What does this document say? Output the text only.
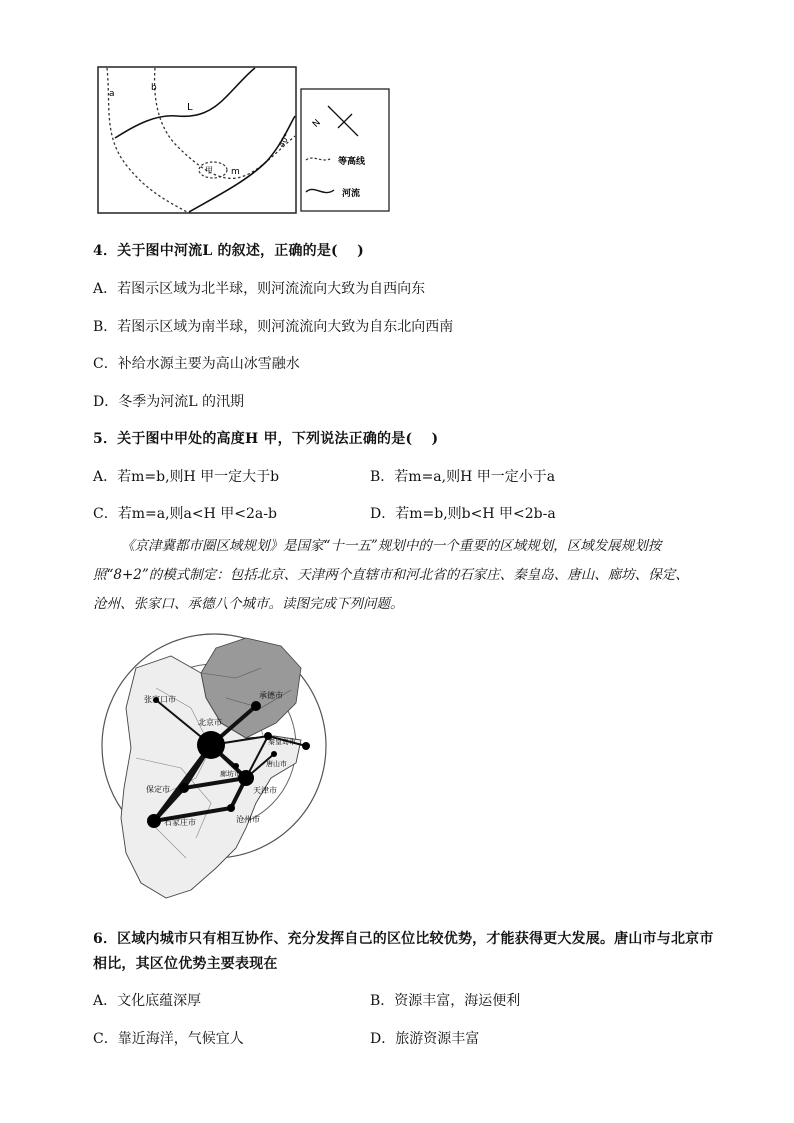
a
b
L
40°
甲 m
N
等高线
河流
4．关于图中河流L 的叙述，正确的是(　 )
A．若图示区域为北半球，则河流流向大致为自西向东
B．若图示区域为南半球，则河流流向大致为自东北向西南
C．补给水源主要为高山冰雪融水
D．冬季为河流L 的汛期
5．关于图中甲处的高度H 甲，下列说法正确的是(　 )
A．若m=b,则H 甲一定大于b	B．若m=a,则H 甲一定小于a
C．若m=a,则a<H 甲<2a-b	D．若m=b,则b<H 甲<2b-a
《京津冀都市圈区域规划》是国家“十一五”规划中的一个重要的区域规划，区域发展规划按照“8+2”的模式制定：包括北京、天津两个直辖市和河北省的石家庄、秦皇岛、唐山、廊坊、保定、沧州、张家口、承德八个城市。读图完成下列问题。
张家口市
北京市
承德市
秦皇岛市
唐山市
廊坊市
天津市
保定市
石家庄市	沧州市
6．区域内城市只有相互协作、充分发挥自己的区位比较优势，才能获得更大发展。唐山市与北京市
相比，其区位优势主要表现在
A．文化底蕴深厚	B．资源丰富，海运便利
C．靠近海洋，气候宜人	D．旅游资源丰富
